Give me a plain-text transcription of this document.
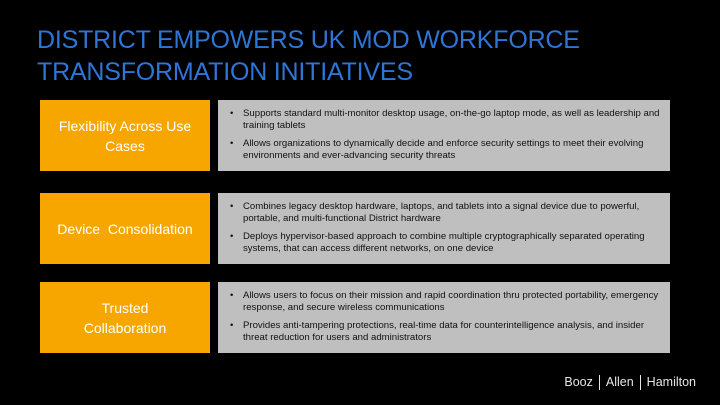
DISTRICT EMPOWERS UK MOD WORKFORCE
TRANSFORMATION INITIATIVES
Flexibility Across Use Cases
• Supports standard multi-monitor desktop usage, on-the-go laptop mode, as well as leadership and training tablets
• Allows organizations to dynamically decide and enforce security settings to meet their evolving environments and ever-advancing security threats
Device  Consolidation
• Combines legacy desktop hardware, laptops, and tablets into a signal device due to powerful, portable, and multi-functional District hardware
• Deploys hypervisor-based approach to combine multiple cryptographically separated operating systems, that can access different networks, on one device
Trusted Collaboration
• Allows users to focus on their mission and rapid coordination thru protected portability, emergency response, and secure wireless communications
• Provides anti-tampering protections, real-time data for counterintelligence analysis, and insider threat reduction for users and administrators
Booz Allen Hamilton
